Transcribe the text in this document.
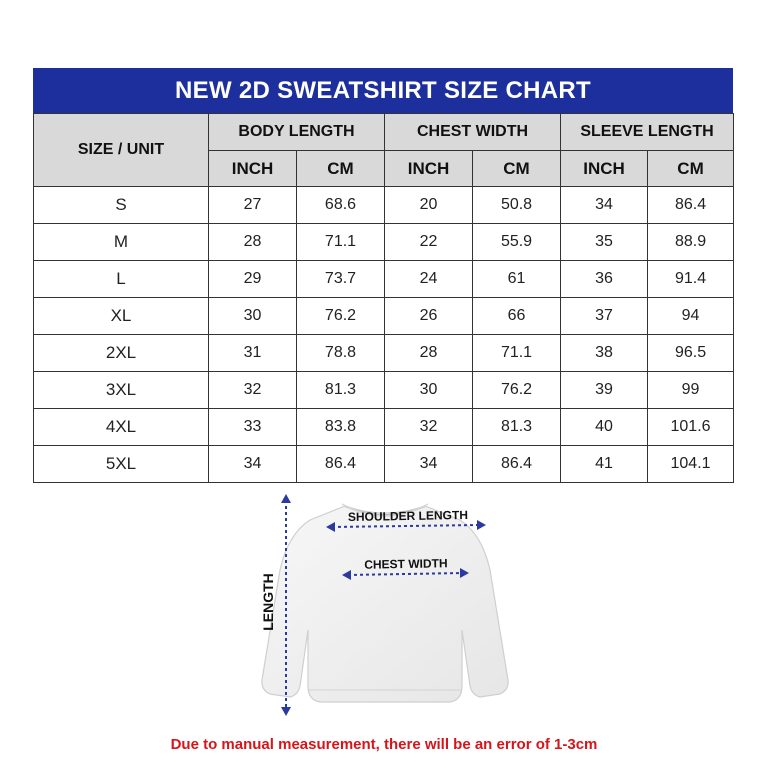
NEW 2D SWEATSHIRT SIZE CHART
SIZE / UNIT	BODY LENGTH		CHEST WIDTH		SLEEVE LENGTH	
	INCH	CM	INCH	CM	INCH	CM
S	27	68.6	20	50.8	34	86.4
M	28	71.1	22	55.9	35	88.9
L	29	73.7	24	61	36	91.4
XL	30	76.2	26	66	37	94
2XL	31	78.8	28	71.1	38	96.5
3XL	32	81.3	30	76.2	39	99
4XL	33	83.8	32	81.3	40	101.6
5XL	34	86.4	34	86.4	41	104.1
LENGTH
SHOULDER LENGTH
CHEST WIDTH
Due to manual measurement, there will be an error of 1-3cm
